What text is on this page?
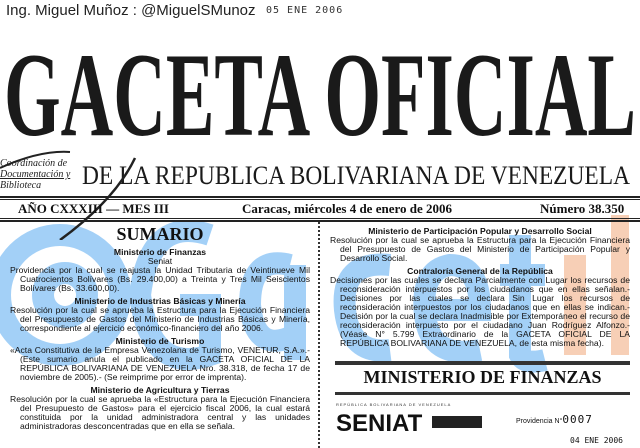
Ing. Miguel Muñoz : @MiguelSMunoz 05 ENE 2006
GACETA OFICIAL
DE LA REPUBLICA BOLIVARIANA DE VENEZUELA
Coordinación de
Documentación y
Biblioteca
AÑO CXXXIII — MES III	Caracas, miércoles 4 de enero de 2006	Número 38.350
SUMARIO
Ministerio de Finanzas
Seniat

Providencia por la cual se reajusta la Unidad Tributaria de Veintinueve Mil Cuatrocientos Bolívares (Bs. 29.400,00) a Treinta y Tres Mil Seiscientos Bolívares (Bs. 33.600,00).

Ministerio de Industrias Básicas y Minería

Resolución por la cual se aprueba la Estructura para la Ejecución Financiera del Presupuesto de Gastos del Ministerio de Industrias Básicas y Minería, correspondiente al ejercicio económico-financiero del año 2006.

Ministerio de Turismo

«Acta Constitutiva de la Empresa Venezolana de Turismo, VENETUR, S.A.».- (Este sumario anula el publicado en la GACETA OFICIAL DE LA REPÚBLICA BOLIVARIANA DE VENEZUELA Nro. 38.318, de fecha 17 de noviembre de 2005).- (Se reimprime por error de imprenta).

Ministerio de Agricultura y Tierras

Resolución por la cual se aprueba la «Estructura para la Ejecución Financiera del Presupuesto de Gastos» para el ejercicio fiscal 2006, la cual estará constituida por la unidad administradora central y las unidades administradoras desconcentradas que en ella se señala.

Ministerio de Participación Popular y Desarrollo Social

Resolución por la cual se aprueba la Estructura para la Ejecución Financiera del Presupuesto de Gastos del Ministerio de Participación Popular y Desarrollo Social.

Contraloría General de la República

Decisiones por las cuales se declara Parcialmente con Lugar los recursos de reconsideración interpuestos por los ciudadanos que en ellas señalan.- Decisiones por las cuales se declara Sin Lugar los recursos de reconsideración interpuestos por los ciudadanos que en ellas se indican.- Decisión por la cual se declara Inadmisible por Extemporáneo el recurso de reconsideración interpuesto por el ciudadano Juan Rodríguez Alfonzo.- (Véase N° 5.799 Extraordinario de la GACETA OFICIAL DE LA REPÚBLICA BOLIVARIANA DE VENEZUELA, de esta misma fecha).

MINISTERIO DE FINANZAS
REPÚBLICA BOLIVARIANA DE VENEZUELA
SENIAT	Providencia N°0007
04 ENE 2006
